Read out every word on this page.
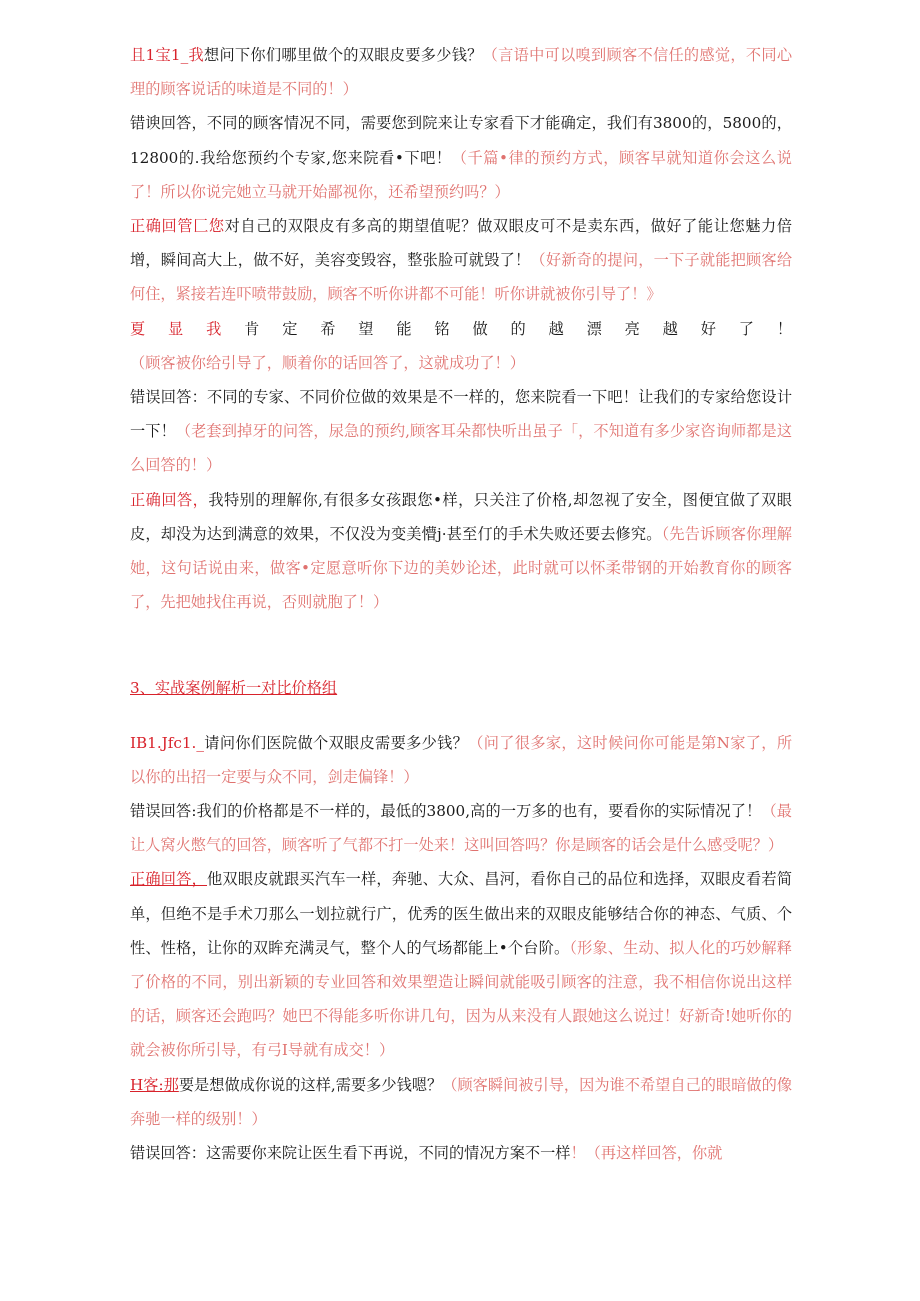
且1宝1_我想问下你们哪里做个的双眼皮要多少钱？（言语中可以嗅到顾客不信任的感觉，不同心理的顾客说话的味道是不同的！）

错谀回答，不同的顾客情况不同，需要您到院来让专家看下才能确定，我们有3800的，5800的，12800的.我给您预约个专家,您来院看•下吧！（千篇•律的预约方式，顾客早就知道你会这么说了！所以你说完她立马就开始鄙视你，还希望预约吗？）

正确回管匚您对自己的双限皮有多高的期望值呢？做双眼皮可不是卖东西，做好了能让您魅力倍增，瞬间高大上，做不好，美容变毁容，整张脸可就毁了！（好新奇的提问，一下子就能把顾客给何住，紧接若连吓喷带鼓励，顾客不听你讲都不可能！听你讲就被你引导了！》

夏显我肯定希望能铭做的越漂亮越好了！（顾客被你给引导了，顺着你的话回答了，这就成功了！）

错误回答：不同的专家、不同价位做的效果是不一样的，您来院看一下吧！让我们的专家给您设计一下！（老套到掉牙的问答，尿急的预约,顾客耳朵都快听出虽子「，不知道有多少家咨询师都是这么回答的！）

正确回答，我特别的理解你,有很多女孩跟您•样，只关注了价格,却忽视了安全，图便宜做了双眼皮，却没为达到满意的效果，不仅没为变美懵j·甚至仃的手术失败还要去修究。（先告诉顾客你理解她，这句话说由来，做客•定愿意听你下边的美妙论述，此时就可以怀柔带钢的开始教育你的顾客了，先把她找住再说，否则就胞了！）

3、实战案例解析一对比价格组

IB1.Jfc1._请问你们医院做个双眼皮需要多少钱？（问了很多家，这时候问你可能是第N家了，所以你的出招一定要与众不同，剑走偏锋！）

错误回答:我们的价格都是不一样的，最低的3800,高的一万多的也有，要看你的实际情况了！（最让人窝火憋气的回答，顾客听了气都不打一处来！这叫回答吗？你是顾客的话会是什么感受呢？）

正确回答，他双眼皮就跟买汽车一样，奔驰、大众、昌河，看你自己的品位和选择，双眼皮看若简单，但绝不是手术刀那么一划拉就行广，优秀的医生做出来的双眼皮能够结合你的神态、气质、个性、性格，让你的双眸充满灵气，整个人的气场都能上•个台阶。（形象、生动、拟人化的巧妙解释了价格的不同，别出新颖的专业回答和效果塑造让瞬间就能吸引顾客的注意，我不相信你说出这样的话，顾客还会跑吗？她巴不得能多听你讲几句，因为从来没有人跟她这么说过！好新奇!她听你的就会被你所引导，有弓I导就有成交！）

H客:那要是想做成你说的这样,需要多少钱嗯？（顾客瞬间被引导，因为谁不希望自己的眼暗做的像奔驰一样的级别！）

错误回答：这需要你来院让医生看下再说，不同的情况方案不一样！（再这样回答，你就
